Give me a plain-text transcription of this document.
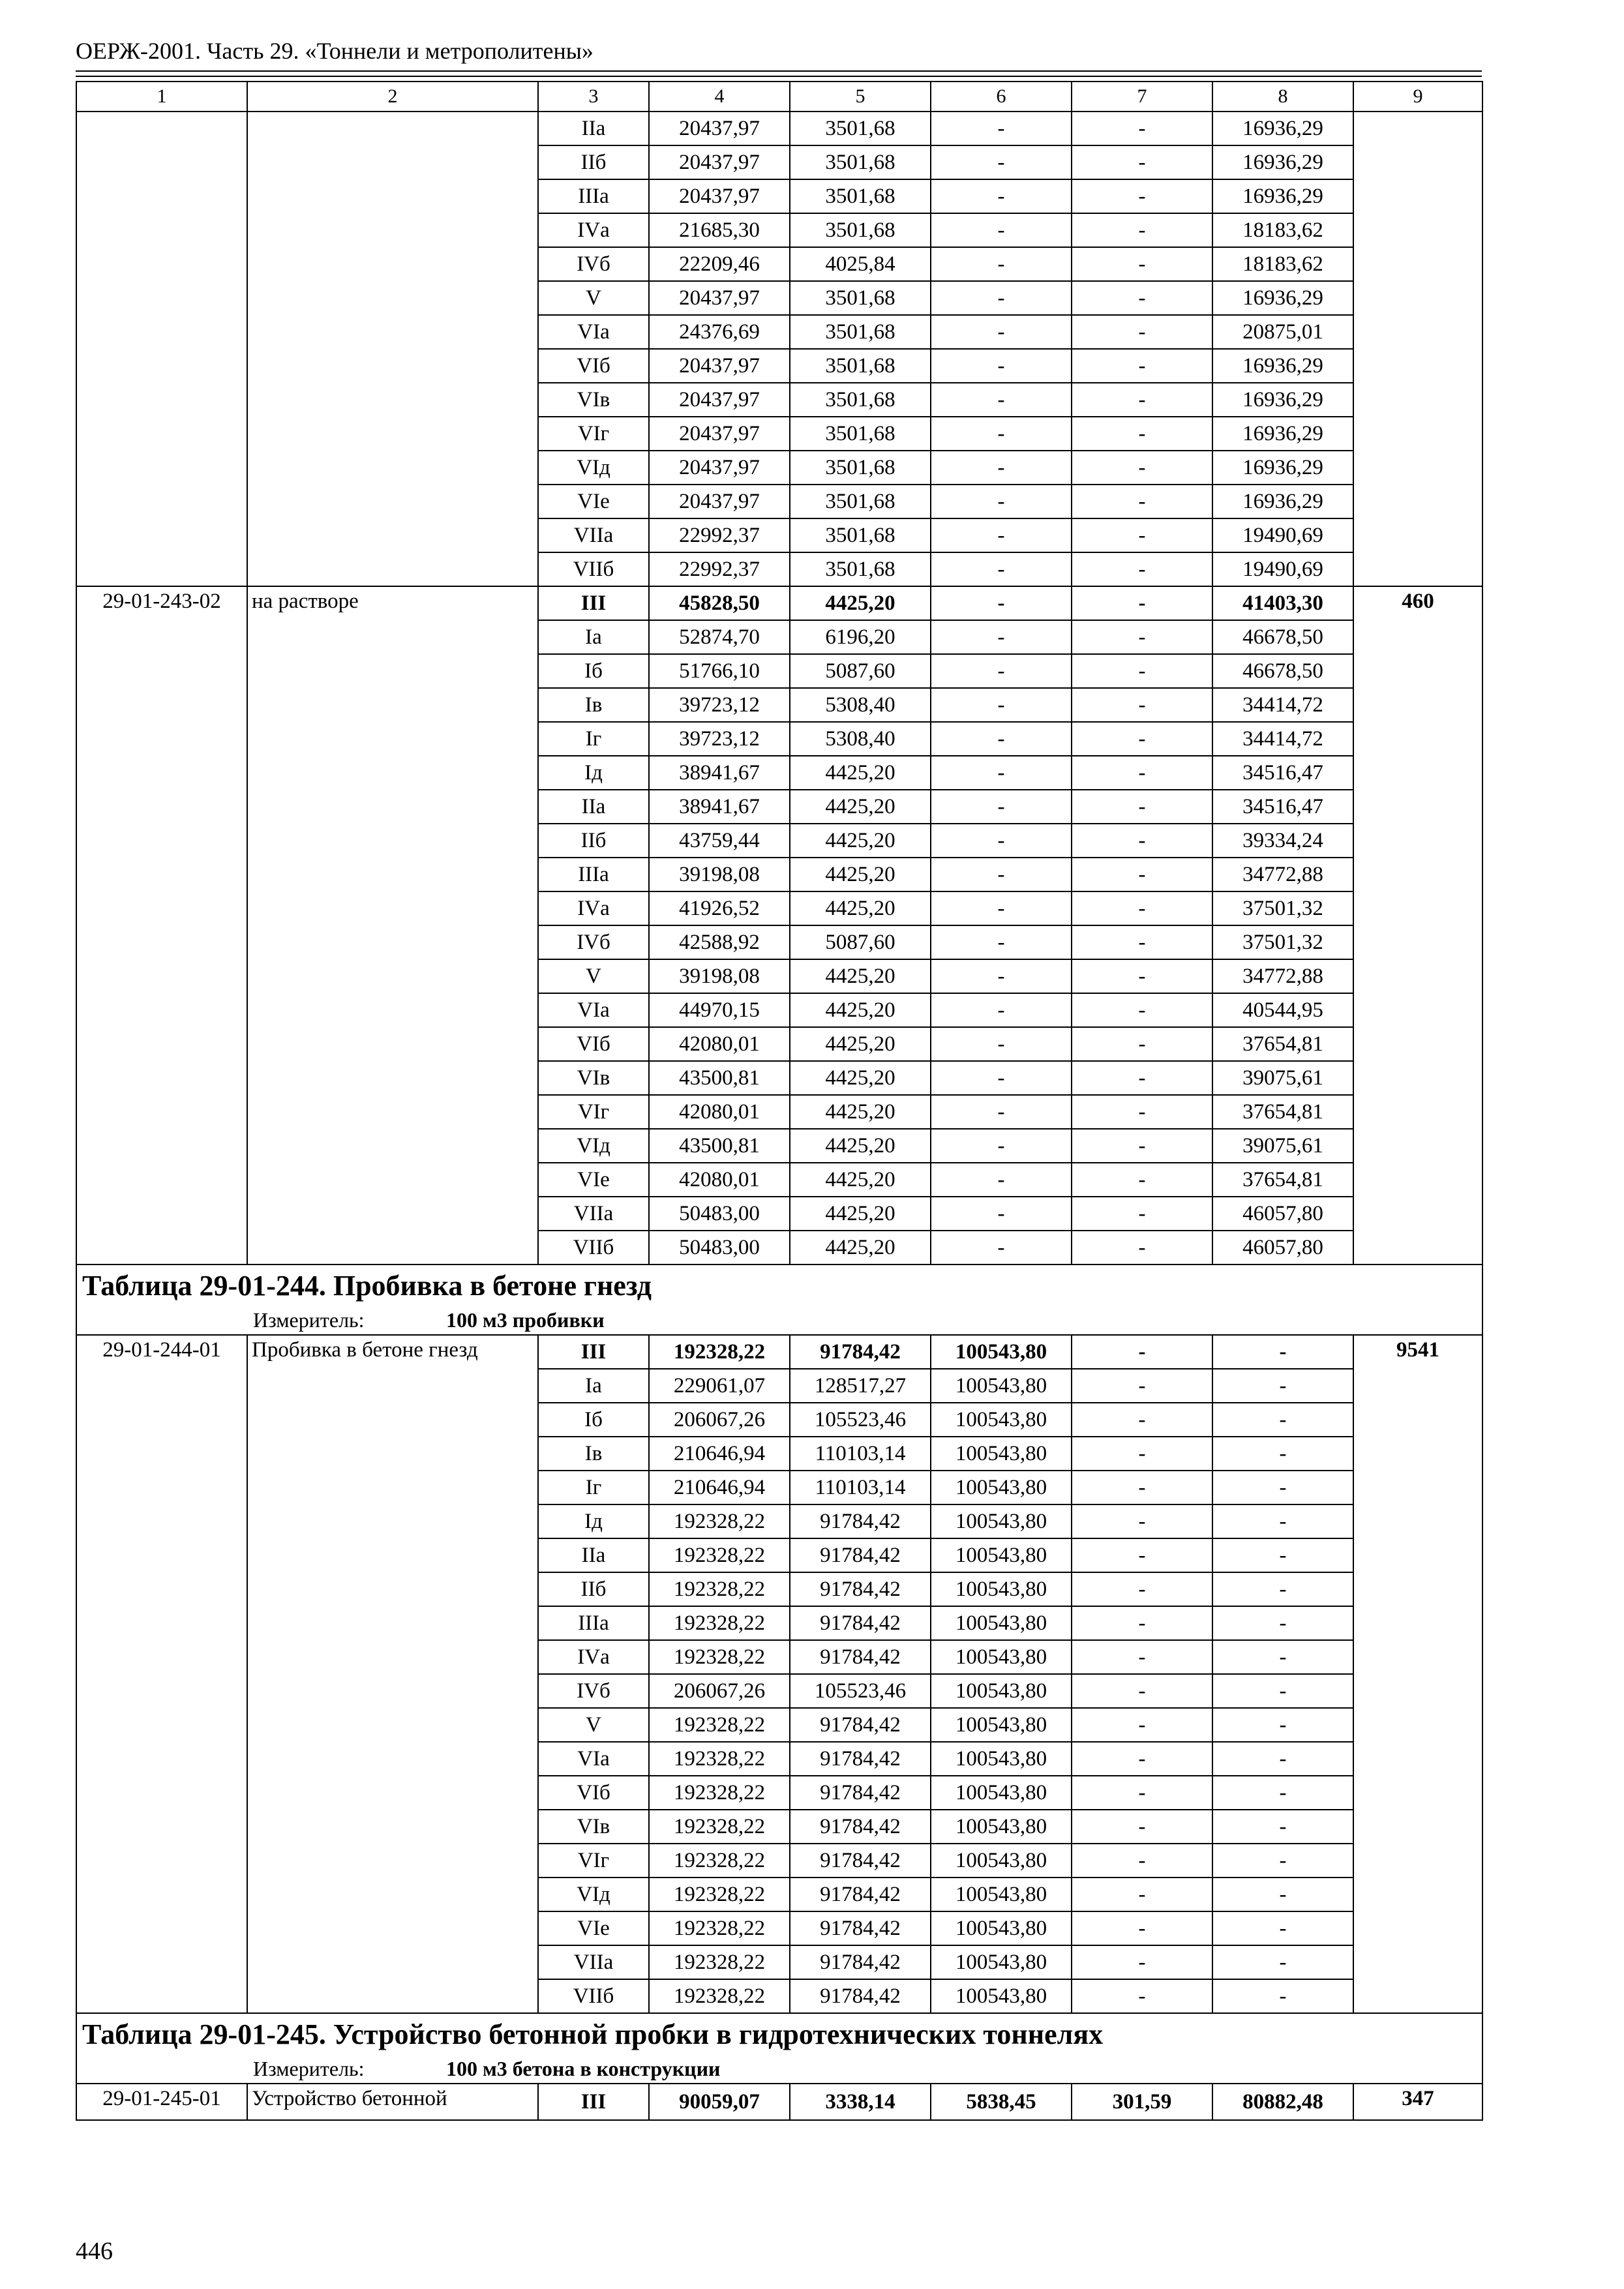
ОЕРЖ-2001. Часть 29. «Тоннели и метрополитены»
1	2	3	4	5	6	7	8	9
		IIа	20437,97	3501,68	-	-	16936,29	
		IIб	20437,97	3501,68	-	-	16936,29	
		IIIа	20437,97	3501,68	-	-	16936,29	
		IVа	21685,30	3501,68	-	-	18183,62	
		IVб	22209,46	4025,84	-	-	18183,62	
		V	20437,97	3501,68	-	-	16936,29	
		VIа	24376,69	3501,68	-	-	20875,01	
		VIб	20437,97	3501,68	-	-	16936,29	
		VIв	20437,97	3501,68	-	-	16936,29	
		VIг	20437,97	3501,68	-	-	16936,29	
		VIд	20437,97	3501,68	-	-	16936,29	
		VIе	20437,97	3501,68	-	-	16936,29	
		VIIа	22992,37	3501,68	-	-	19490,69	
		VIIб	22992,37	3501,68	-	-	19490,69	
29-01-243-02	на растворе	III	45828,50	4425,20	-	-	41403,30	460
		Iа	52874,70	6196,20	-	-	46678,50	
		Iб	51766,10	5087,60	-	-	46678,50	
		Iв	39723,12	5308,40	-	-	34414,72	
		Iг	39723,12	5308,40	-	-	34414,72	
		Iд	38941,67	4425,20	-	-	34516,47	
		IIа	38941,67	4425,20	-	-	34516,47	
		IIб	43759,44	4425,20	-	-	39334,24	
		IIIа	39198,08	4425,20	-	-	34772,88	
		IVа	41926,52	4425,20	-	-	37501,32	
		IVб	42588,92	5087,60	-	-	37501,32	
		V	39198,08	4425,20	-	-	34772,88	
		VIа	44970,15	4425,20	-	-	40544,95	
		VIб	42080,01	4425,20	-	-	37654,81	
		VIв	43500,81	4425,20	-	-	39075,61	
		VIг	42080,01	4425,20	-	-	37654,81	
		VIд	43500,81	4425,20	-	-	39075,61	
		VIе	42080,01	4425,20	-	-	37654,81	
		VIIа	50483,00	4425,20	-	-	46057,80	
		VIIб	50483,00	4425,20	-	-	46057,80	
Таблица 29-01-244. Пробивка в бетоне гнезд								
Измеритель: 100 м3 пробивки								
29-01-244-01	Пробивка в бетоне гнезд	III	192328,22	91784,42	100543,80	-	-	9541
		Iа	229061,07	128517,27	100543,80	-	-	
		Iб	206067,26	105523,46	100543,80	-	-	
		Iв	210646,94	110103,14	100543,80	-	-	
		Iг	210646,94	110103,14	100543,80	-	-	
		Iд	192328,22	91784,42	100543,80	-	-	
		IIа	192328,22	91784,42	100543,80	-	-	
		IIб	192328,22	91784,42	100543,80	-	-	
		IIIа	192328,22	91784,42	100543,80	-	-	
		IVа	192328,22	91784,42	100543,80	-	-	
		IVб	206067,26	105523,46	100543,80	-	-	
		V	192328,22	91784,42	100543,80	-	-	
		VIа	192328,22	91784,42	100543,80	-	-	
		VIб	192328,22	91784,42	100543,80	-	-	
		VIв	192328,22	91784,42	100543,80	-	-	
		VIг	192328,22	91784,42	100543,80	-	-	
		VIд	192328,22	91784,42	100543,80	-	-	
		VIе	192328,22	91784,42	100543,80	-	-	
		VIIа	192328,22	91784,42	100543,80	-	-	
		VIIб	192328,22	91784,42	100543,80	-	-	
Таблица 29-01-245. Устройство бетонной пробки в гидротехнических тоннелях								
Измеритель: 100 м3 бетона в конструкции								
29-01-245-01	Устройство бетонной	III	90059,07	3338,14	5838,45	301,59	80882,48	347
446
